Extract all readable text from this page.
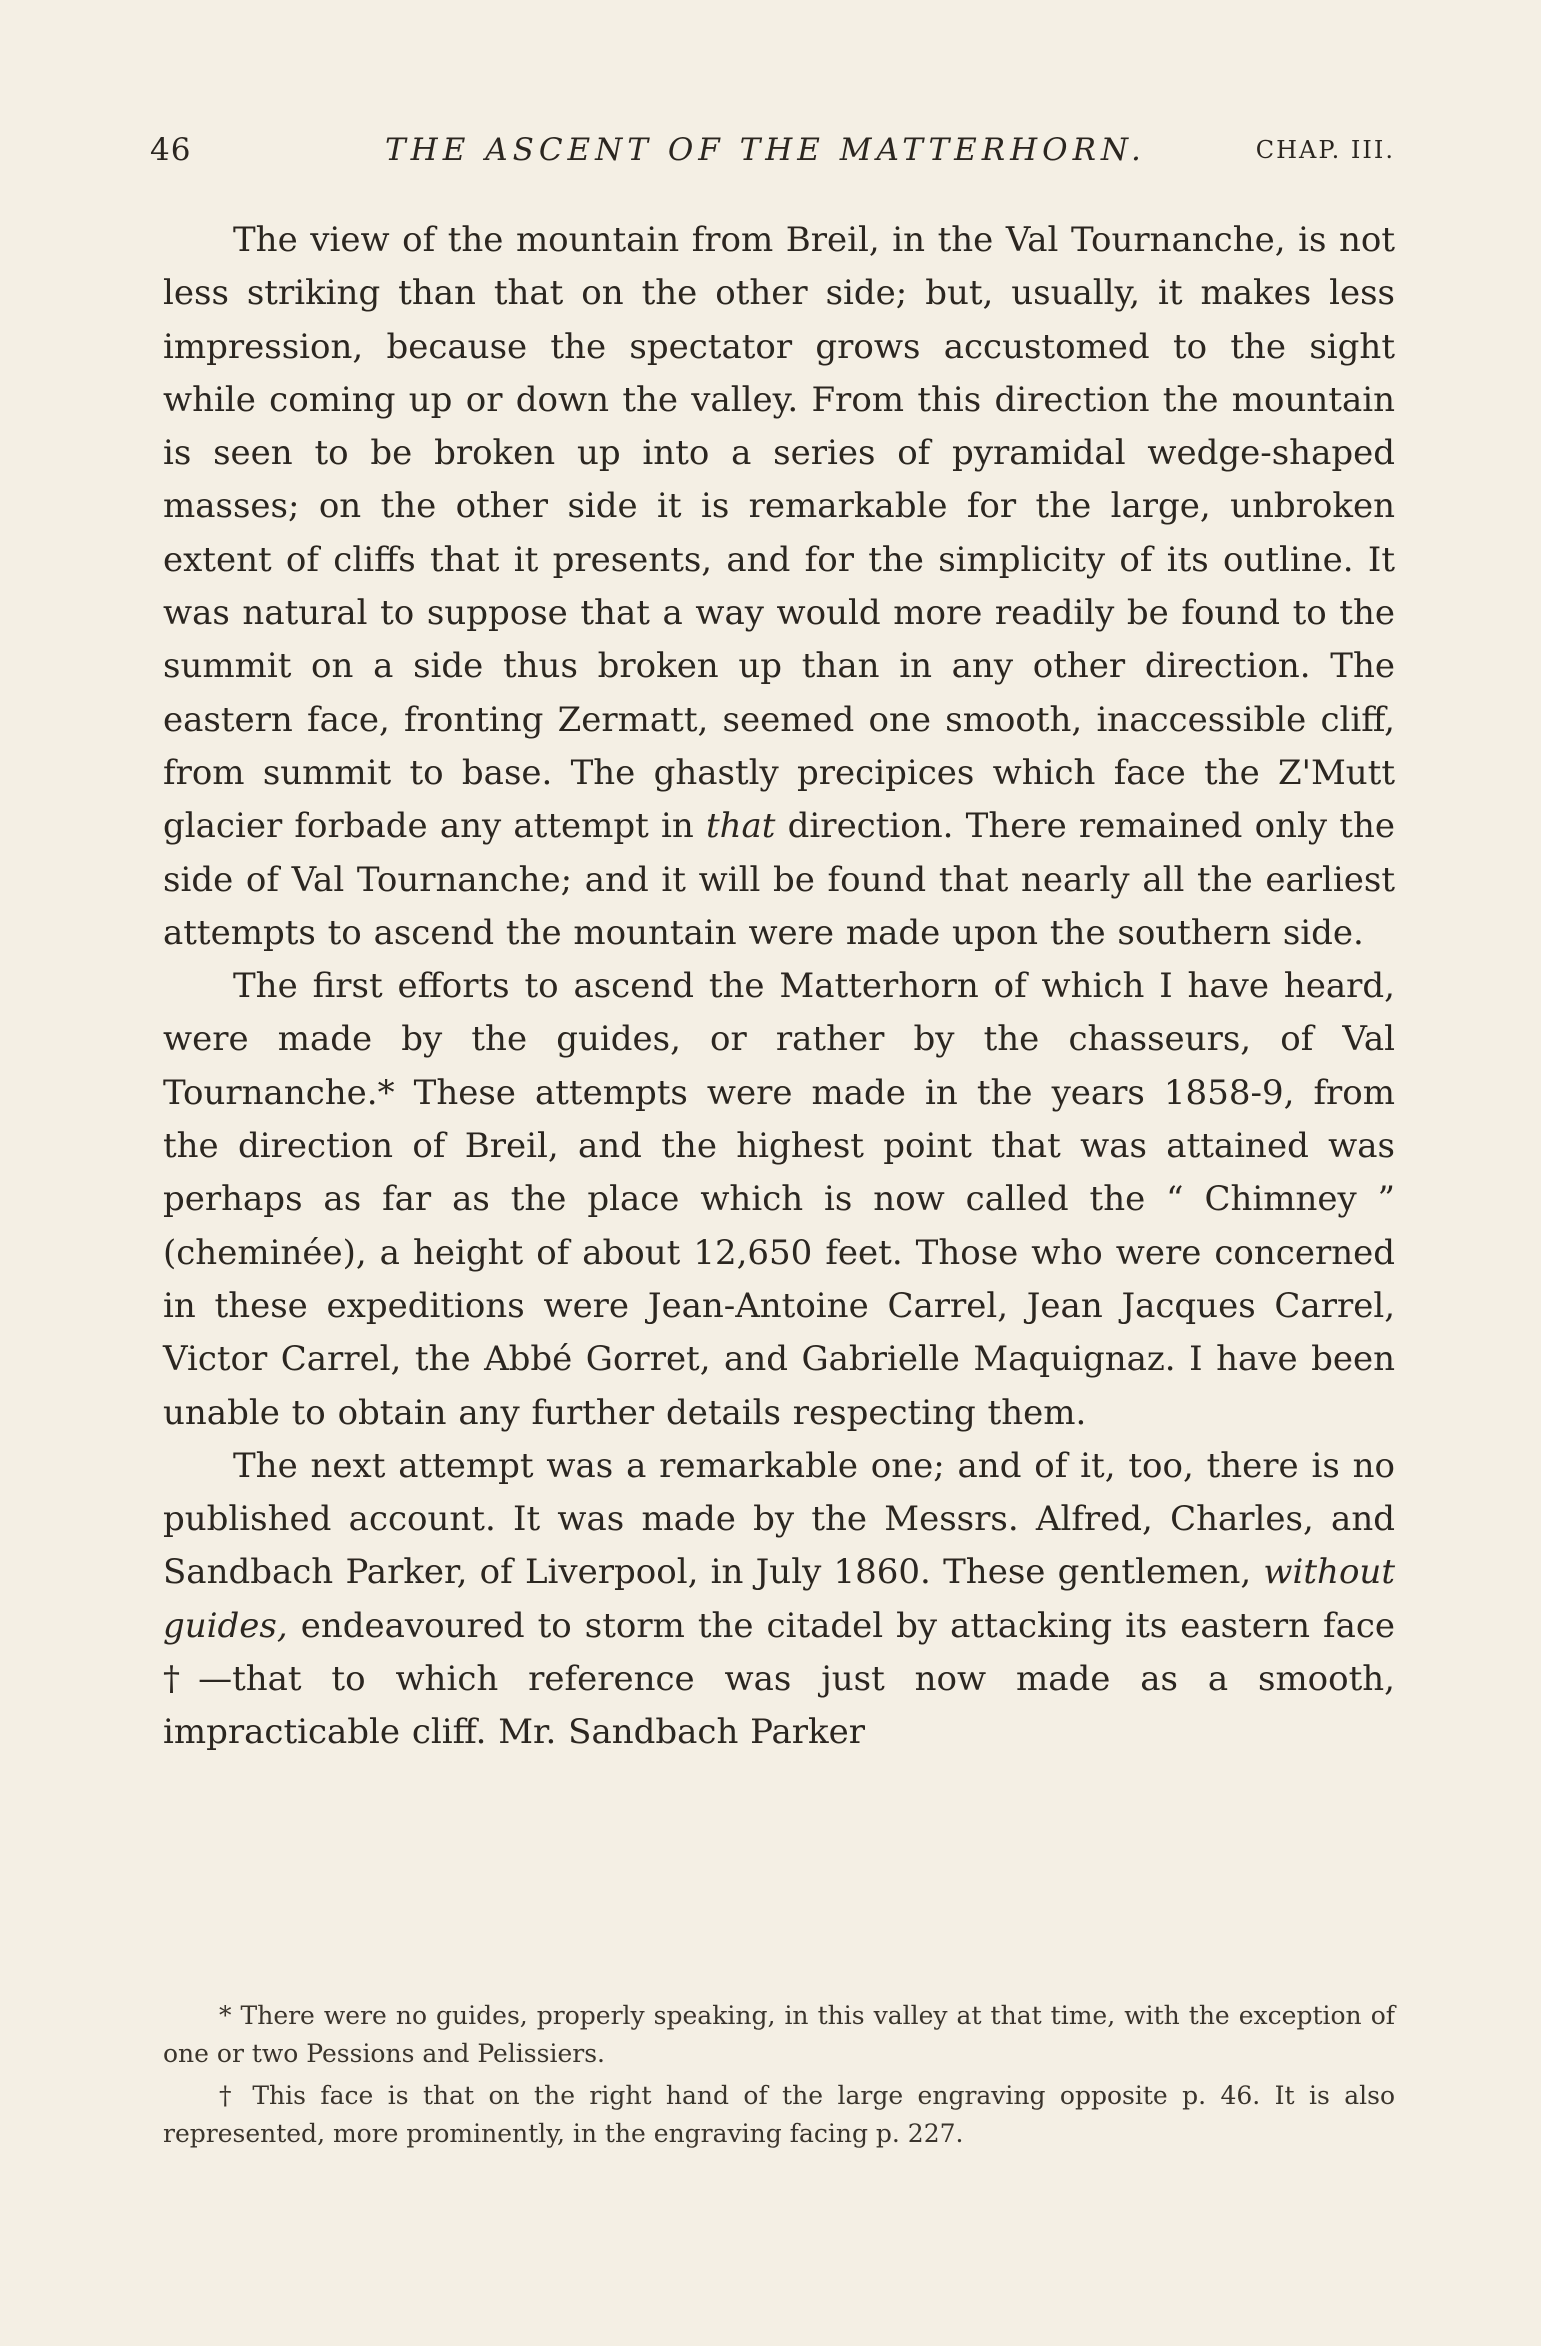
46	THE ASCENT OF THE MATTERHORN.	CHAP. III.

The view of the mountain from Breil, in the Val Tournanche, is not less striking than that on the other side; but, usually, it makes less impression, because the spectator grows accustomed to the sight while coming up or down the valley. From this direction the mountain is seen to be broken up into a series of pyramidal wedge-shaped masses; on the other side it is remarkable for the large, unbroken extent of cliffs that it presents, and for the simplicity of its outline. It was natural to suppose that a way would more readily be found to the summit on a side thus broken up than in any other direction. The eastern face, fronting Zermatt, seemed one smooth, inaccessible cliff, from summit to base. The ghastly precipices which face the Z'Mutt glacier forbade any attempt in that direction. There remained only the side of Val Tournanche; and it will be found that nearly all the earliest attempts to ascend the mountain were made upon the southern side.

The first efforts to ascend the Matterhorn of which I have heard, were made by the guides, or rather by the chasseurs, of Val Tournanche.* These attempts were made in the years 1858-9, from the direction of Breil, and the highest point that was attained was perhaps as far as the place which is now called the “ Chimney ” (cheminée), a height of about 12,650 feet. Those who were concerned in these expeditions were Jean-Antoine Carrel, Jean Jacques Carrel, Victor Carrel, the Abbé Gorret, and Gabrielle Maquignaz. I have been unable to obtain any further details respecting them.

The next attempt was a remarkable one; and of it, too, there is no published account. It was made by the Messrs. Alfred, Charles, and Sandbach Parker, of Liverpool, in July 1860. These gentlemen, without guides, endeavoured to storm the citadel by attacking its eastern face †—that to which reference was just now made as a smooth, impracticable cliff. Mr. Sandbach Parker

* There were no guides, properly speaking, in this valley at that time, with the exception of one or two Pessions and Pelissiers.

† This face is that on the right hand of the large engraving opposite p. 46. It is also represented, more prominently, in the engraving facing p. 227.
